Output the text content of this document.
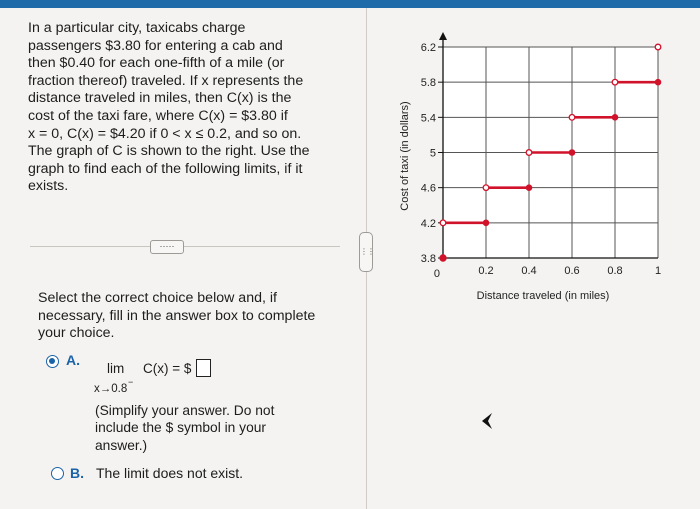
In a particular city, taxicabs charge

passengers $3.80 for entering a cab and

then $0.40 for each one-fifth of a mile (or

fraction thereof) traveled. If x represents the

distance traveled in miles, then C(x) is the

cost of the taxi fare, where C(x) = $3.80 if

x = 0, C(x) = $4.20 if 0 < x ≤ 0.2, and so on.

The graph of C is shown to the right. Use the

graph to find each of the following limits, if it

exists.

·····
Select the correct choice below and, if
necessary, fill in the answer box to complete
your choice.
A.
lim C(x) = $
x→0.8
−
(Simplify your answer. Do not
include the $ symbol in your
answer.)
B. The limit does not exist.
⋮⋮
3.8
4.2
4.6
5
5.4
5.8
6.2
0	0.2	0.4	0.6	0.8	1
Cost of taxi (in dollars)
Distance traveled (in miles)
